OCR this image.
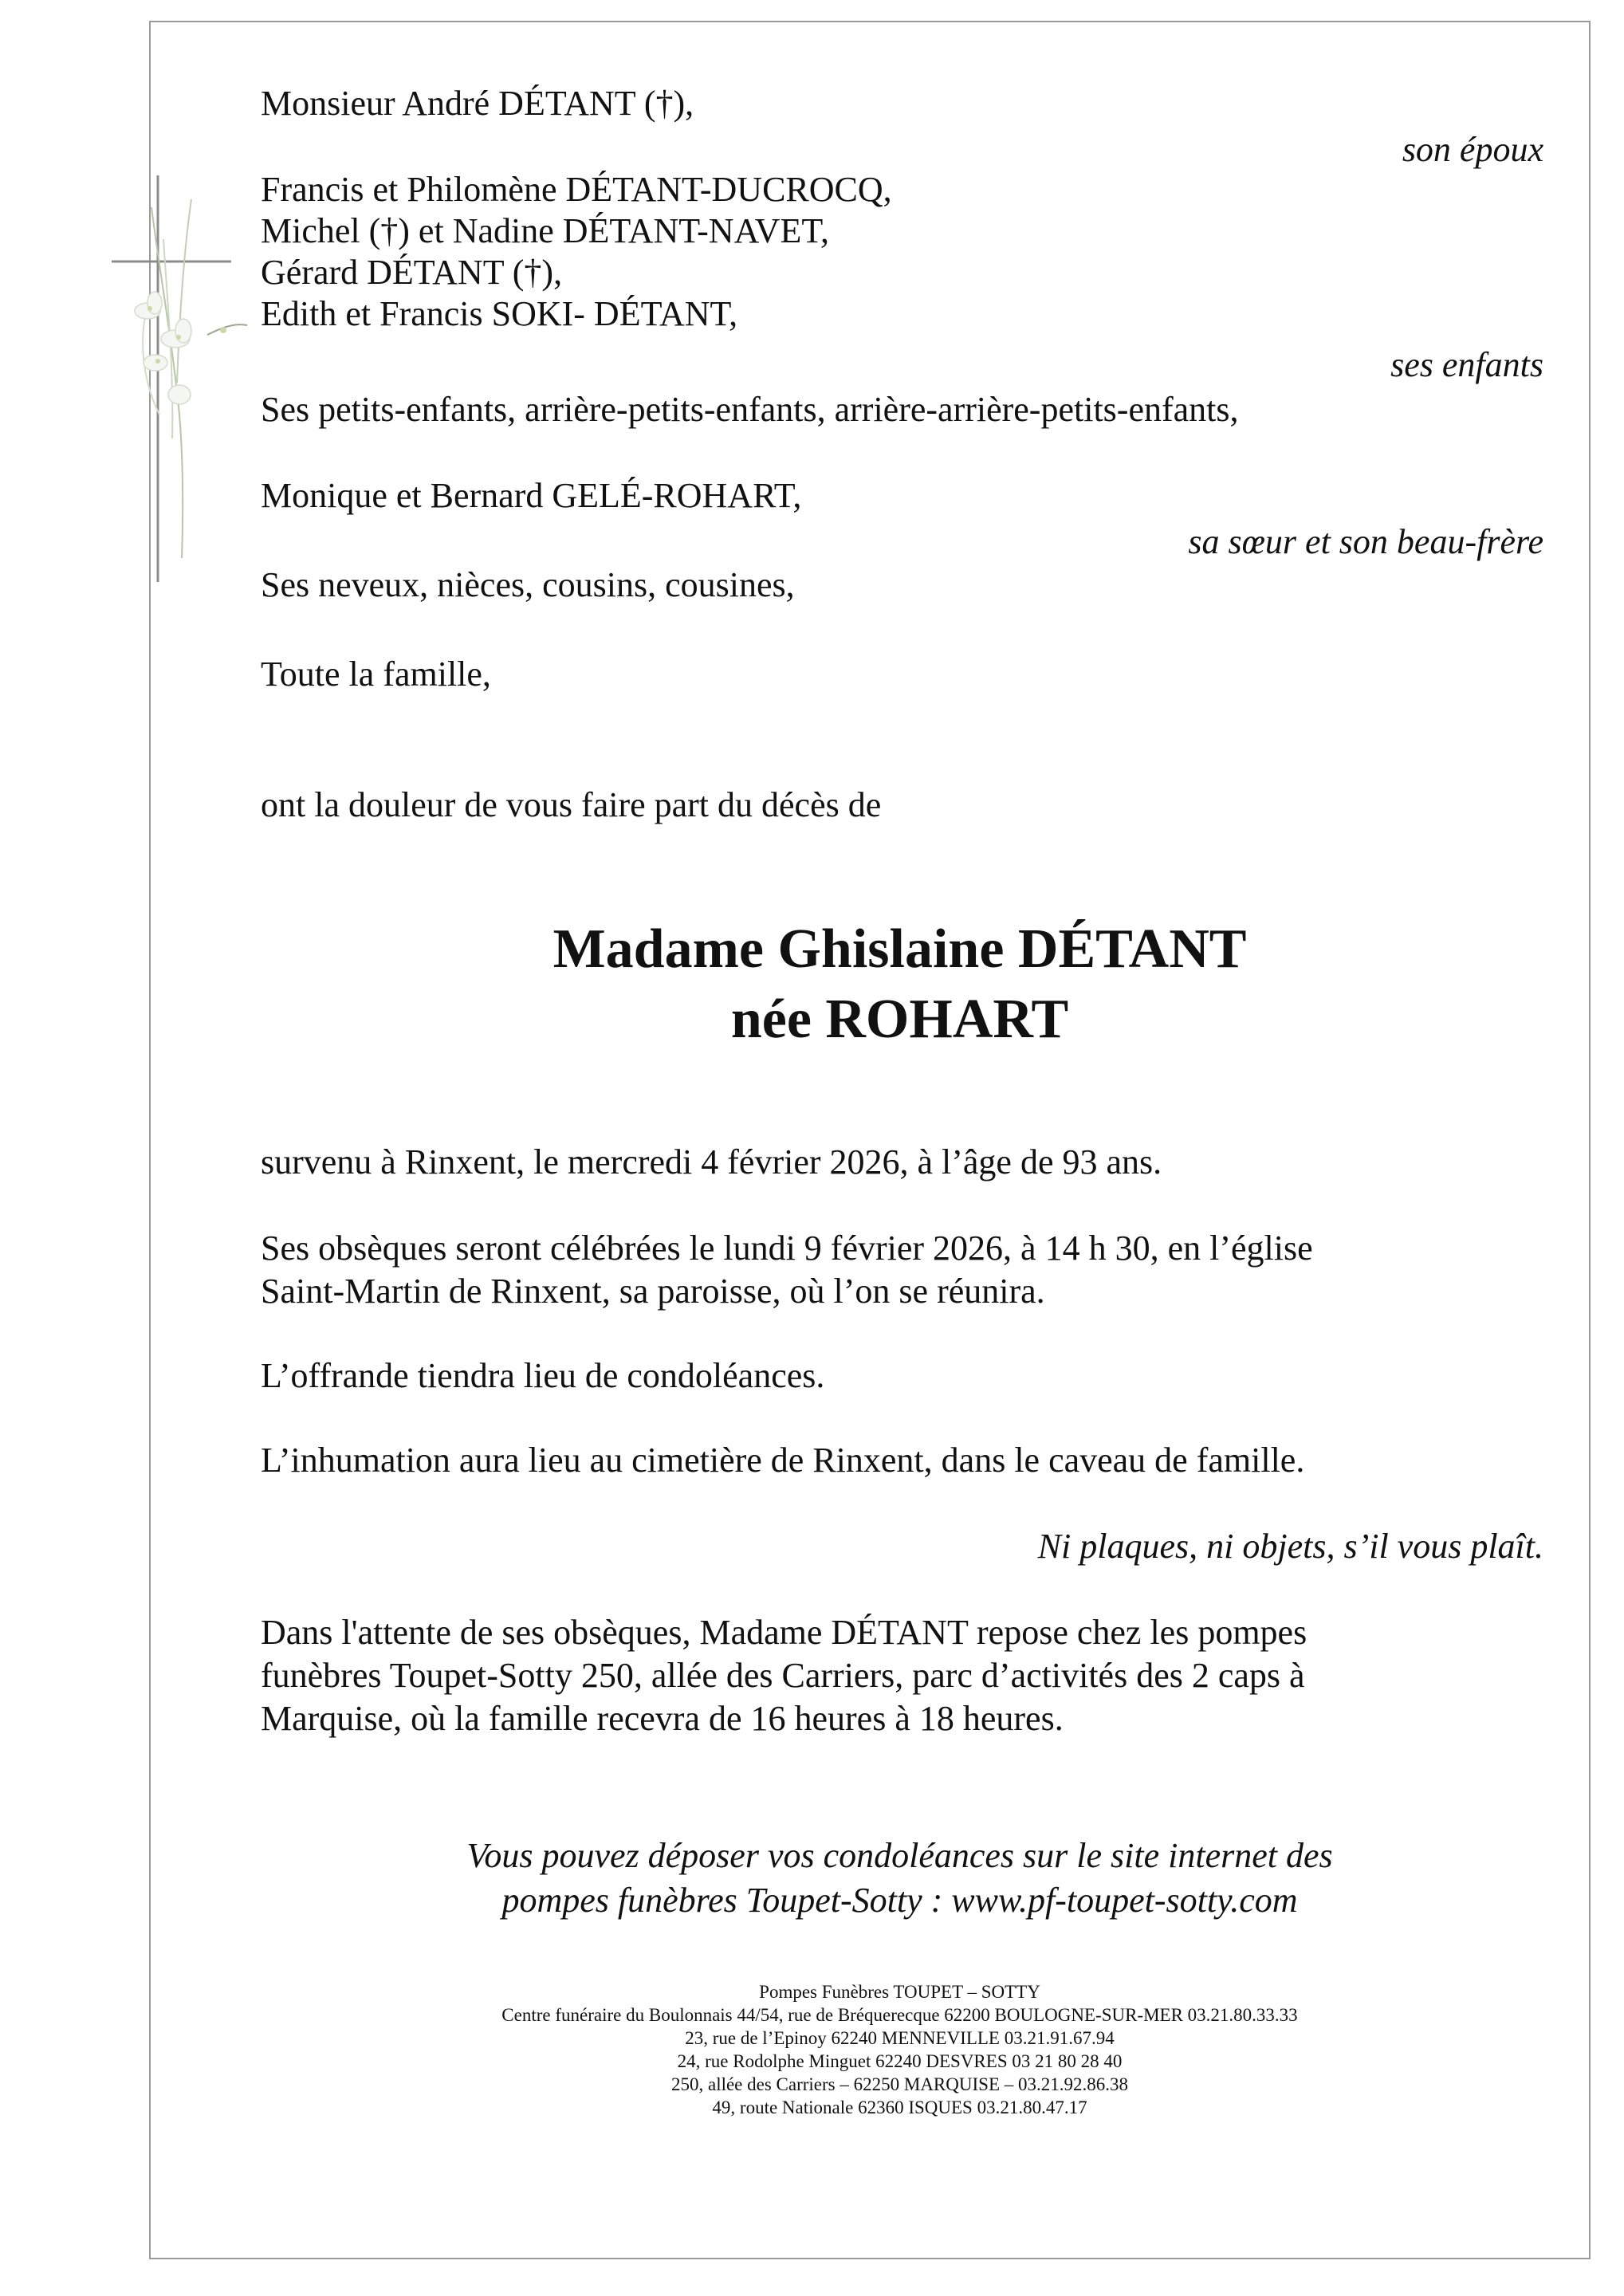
Monsieur André DÉTANT (†),
son époux
Francis et Philomène DÉTANT-DUCROCQ,
Michel (†) et Nadine DÉTANT-NAVET,
Gérard DÉTANT (†),
Edith et Francis SOKI- DÉTANT,
ses enfants
Ses petits-enfants, arrière-petits-enfants, arrière-arrière-petits-enfants,
Monique et Bernard GELÉ-ROHART,
sa sœur et son beau-frère
Ses neveux, nièces, cousins, cousines,
Toute la famille,
ont la douleur de vous faire part du décès de
Madame Ghislaine DÉTANT
née ROHART
survenu à Rinxent, le mercredi 4 février 2026, à l’âge de 93 ans.
Ses obsèques seront célébrées le lundi 9 février 2026, à 14 h 30, en l’église
Saint-Martin de Rinxent, sa paroisse, où l’on se réunira.
L’offrande tiendra lieu de condoléances.
L’inhumation aura lieu au cimetière de Rinxent, dans le caveau de famille.
Ni plaques, ni objets, s’il vous plaît.
Dans l'attente de ses obsèques, Madame DÉTANT repose chez les pompes
funèbres Toupet-Sotty 250, allée des Carriers, parc d’activités des 2 caps à
Marquise, où la famille recevra de 16 heures à 18 heures.
Vous pouvez déposer vos condoléances sur le site internet des
pompes funèbres Toupet-Sotty : www.pf-toupet-sotty.com
Pompes Funèbres TOUPET – SOTTY
Centre funéraire du Boulonnais 44/54, rue de Bréquerecque 62200 BOULOGNE-SUR-MER 03.21.80.33.33
23, rue de l’Epinoy 62240 MENNEVILLE 03.21.91.67.94
24, rue Rodolphe Minguet 62240 DESVRES 03 21 80 28 40
250, allée des Carriers – 62250 MARQUISE – 03.21.92.86.38
49, route Nationale 62360 ISQUES 03.21.80.47.17
